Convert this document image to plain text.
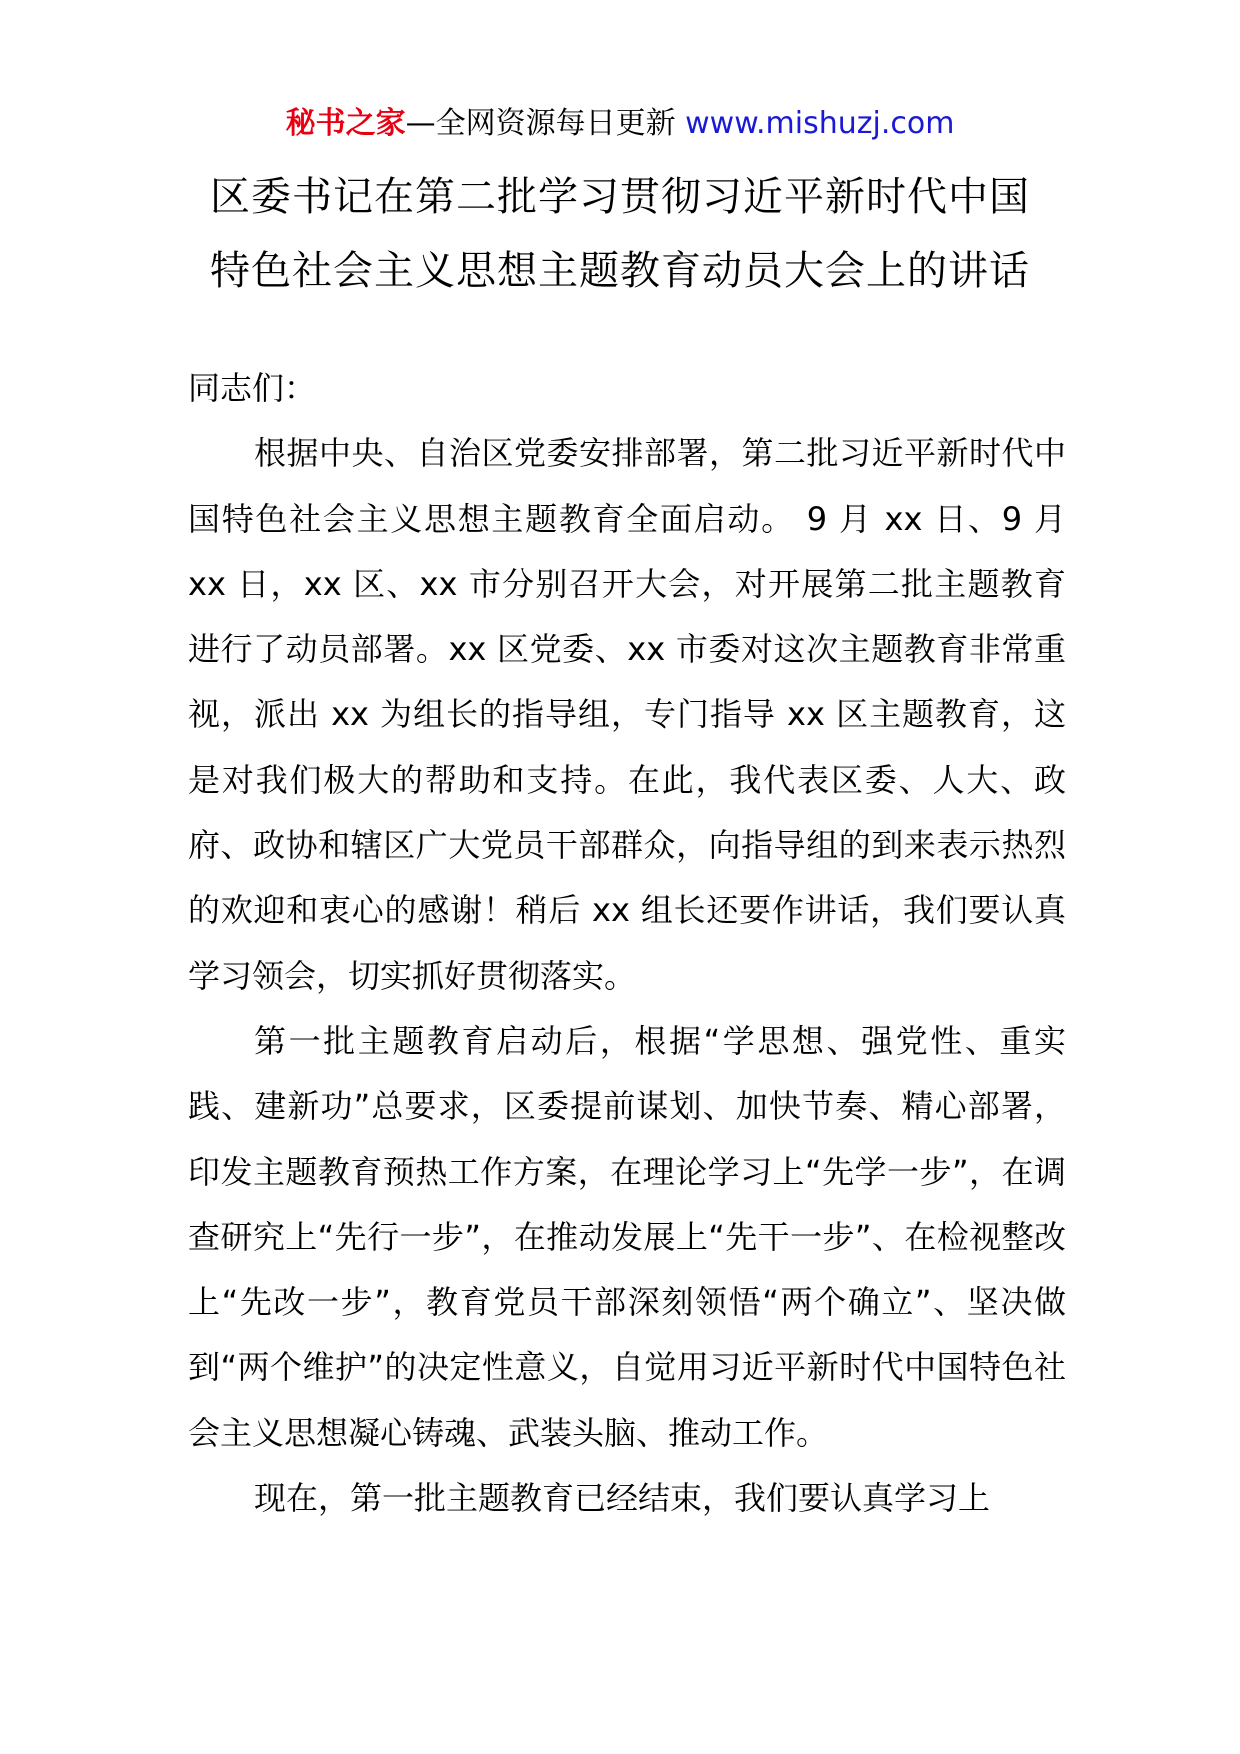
秘书之家—全网资源每日更新 www.mishuzj.com
区委书记在第二批学习贯彻习近平新时代中国
特色社会主义思想主题教育动员大会上的讲话

同志们：

根据中央、自治区党委安排部署，第二批习近平新时代中国特色社会主义思想主题教育全面启动。 9 月 xx 日、9 月 xx 日，xx 区、xx 市分别召开大会，对开展第二批主题教育进行了动员部署。xx 区党委、xx 市委对这次主题教育非常重视，派出 xx 为组长的指导组，专门指导 xx 区主题教育，这是对我们极大的帮助和支持。在此，我代表区委、人大、政府、政协和辖区广大党员干部群众，向指导组的到来表示热烈的欢迎和衷心的感谢！稍后 xx 组长还要作讲话，我们要认真学习领会，切实抓好贯彻落实。

第一批主题教育启动后，根据“学思想、强党性、重实践、建新功”总要求，区委提前谋划、加快节奏、精心部署，印发主题教育预热工作方案，在理论学习上“先学一步”，在调查研究上“先行一步”，在推动发展上“先干一步”、在检视整改上“先改一步”，教育党员干部深刻领悟“两个确立”、坚决做到“两个维护”的决定性意义，自觉用习近平新时代中国特色社会主义思想凝心铸魂、武装头脑、推动工作。

现在，第一批主题教育已经结束，我们要认真学习上
